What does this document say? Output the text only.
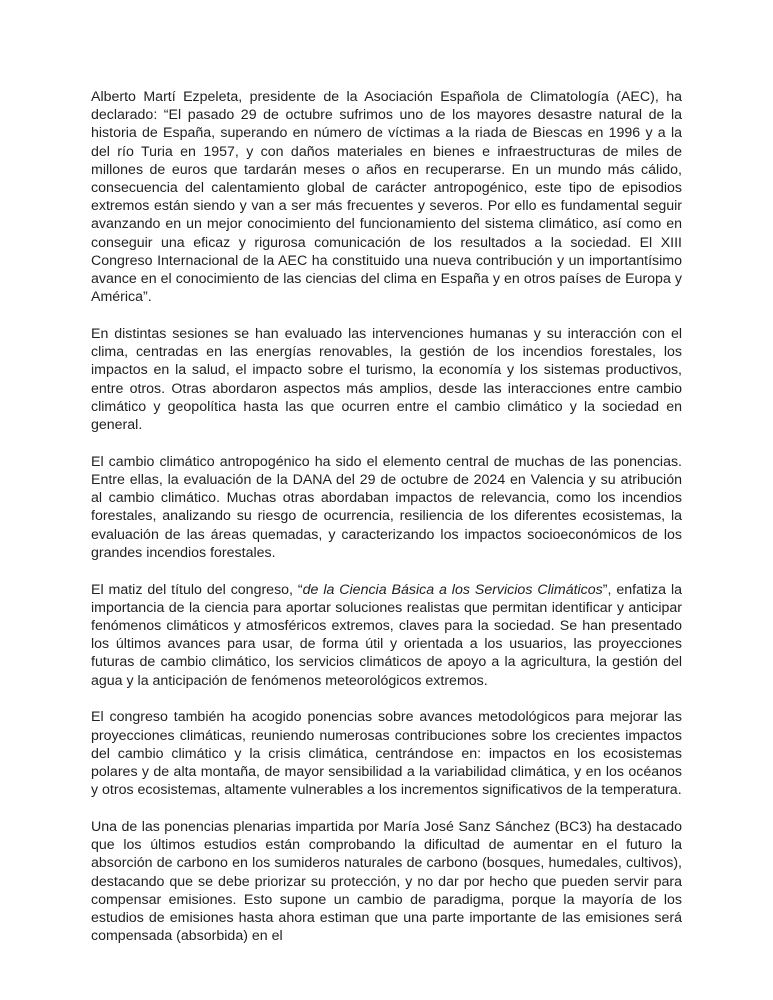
Alberto Martí Ezpeleta, presidente de la Asociación Española de Climatología (AEC), ha declarado: “El pasado 29 de octubre sufrimos uno de los mayores desastre natural de la historia de España, superando en número de víctimas a la riada de Biescas en 1996 y a la del río Turia en 1957, y con daños materiales en bienes e infraestructuras de miles de millones de euros que tardarán meses o años en recuperarse. En un mundo más cálido, consecuencia del calentamiento global de carácter antropogénico, este tipo de episodios extremos están siendo y van a ser más frecuentes y severos. Por ello es fundamental seguir avanzando en un mejor conocimiento del funcionamiento del sistema climático, así como en conseguir una eficaz y rigurosa comunicación de los resultados a la sociedad. El XIII Congreso Internacional de la AEC ha constituido una nueva contribución y un importantísimo avance en el conocimiento de las ciencias del clima en España y en otros países de Europa y América”.

En distintas sesiones se han evaluado las intervenciones humanas y su interacción con el clima, centradas en las energías renovables, la gestión de los incendios forestales, los impactos en la salud, el impacto sobre el turismo, la economía y los sistemas productivos, entre otros. Otras abordaron aspectos más amplios, desde las interacciones entre cambio climático y geopolítica hasta las que ocurren entre el cambio climático y la sociedad en general.

El cambio climático antropogénico ha sido el elemento central de muchas de las ponencias. Entre ellas, la evaluación de la DANA del 29 de octubre de 2024 en Valencia y su atribución al cambio climático. Muchas otras abordaban impactos de relevancia, como los incendios forestales, analizando su riesgo de ocurrencia, resiliencia de los diferentes ecosistemas, la evaluación de las áreas quemadas, y caracterizando los impactos socioeconómicos de los grandes incendios forestales.

El matiz del título del congreso, “de la Ciencia Básica a los Servicios Climáticos”, enfatiza la importancia de la ciencia para aportar soluciones realistas que permitan identificar y anticipar fenómenos climáticos y atmosféricos extremos, claves para la sociedad. Se han presentado los últimos avances para usar, de forma útil y orientada a los usuarios, las proyecciones futuras de cambio climático, los servicios climáticos de apoyo a la agricultura, la gestión del agua y la anticipación de fenómenos meteorológicos extremos.

El congreso también ha acogido ponencias sobre avances metodológicos para mejorar las proyecciones climáticas, reuniendo numerosas contribuciones sobre los crecientes impactos del cambio climático y la crisis climática, centrándose en: impactos en los ecosistemas polares y de alta montaña, de mayor sensibilidad a la variabilidad climática, y en los océanos y otros ecosistemas, altamente vulnerables a los incrementos significativos de la temperatura.

Una de las ponencias plenarias impartida por María José Sanz Sánchez (BC3) ha destacado que los últimos estudios están comprobando la dificultad de aumentar en el futuro la absorción de carbono en los sumideros naturales de carbono (bosques, humedales, cultivos), destacando que se debe priorizar su protección, y no dar por hecho que pueden servir para compensar emisiones. Esto supone un cambio de paradigma, porque la mayoría de los estudios de emisiones hasta ahora estiman que una parte importante de las emisiones será compensada (absorbida) en el
